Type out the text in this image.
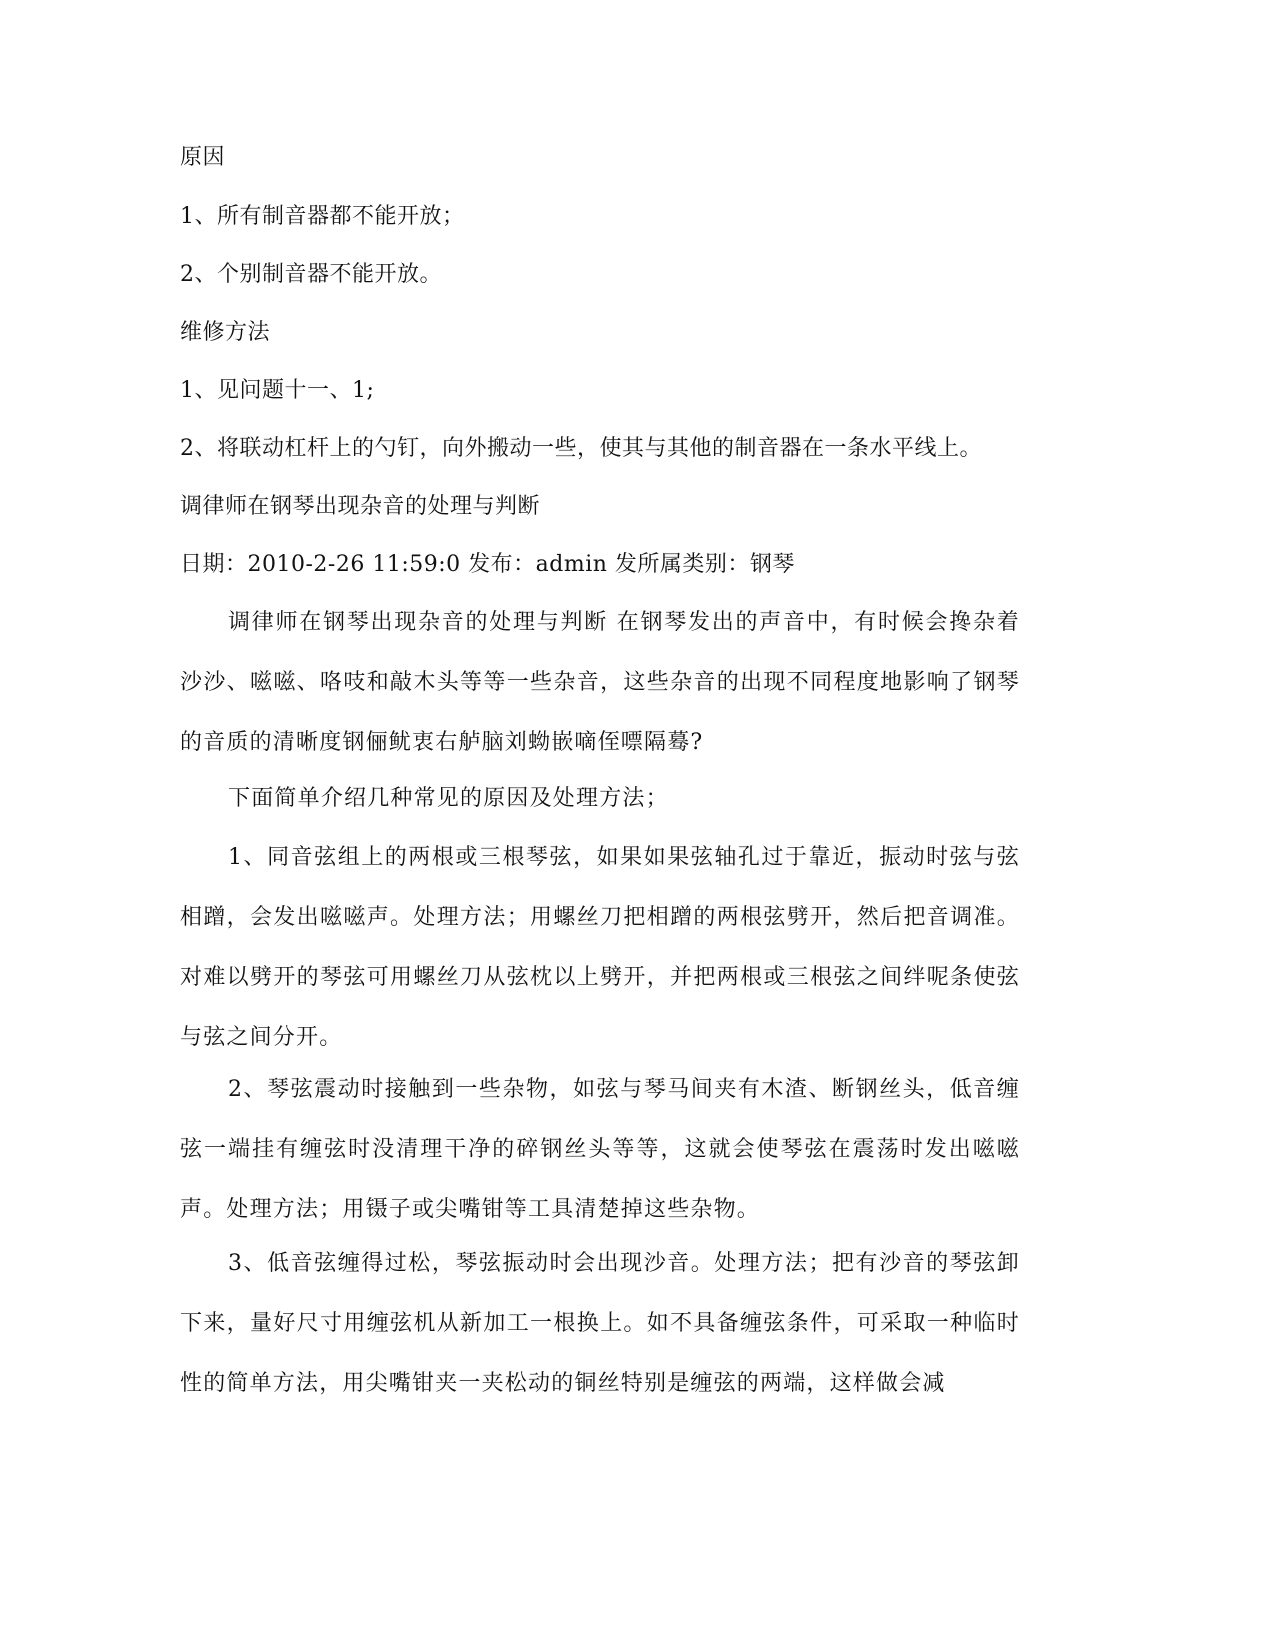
原因
1、所有制音器都不能开放；
2、个别制音器不能开放。
维修方法
1、见问题十一、1;
2、将联动杠杆上的勺钉，向外搬动一些，使其与其他的制音器在一条水平线上。
调律师在钢琴出现杂音的处理与判断
日期：2010-2-26 11:59:0 发布：admin 发所属类别：钢琴
调律师在钢琴出现杂音的处理与判断 在钢琴发出的声音中，有时候会搀杂着沙沙、嗞嗞、咯吱和敲木头等等一些杂音，这些杂音的出现不同程度地影响了钢琴的音质的清晰度钢俪鱿衷右舻脑刘蚴嵌嘀侄嘌隔蓦?
下面简单介绍几种常见的原因及处理方法；
1、同音弦组上的两根或三根琴弦，如果如果弦轴孔过于靠近，振动时弦与弦相蹭，会发出嗞嗞声。处理方法；用螺丝刀把相蹭的两根弦劈开，然后把音调准。对难以劈开的琴弦可用螺丝刀从弦枕以上劈开，并把两根或三根弦之间绊呢条使弦与弦之间分开。
2、琴弦震动时接触到一些杂物，如弦与琴马间夹有木渣、断钢丝头，低音缠弦一端挂有缠弦时没清理干净的碎钢丝头等等，这就会使琴弦在震荡时发出嗞嗞声。处理方法；用镊子或尖嘴钳等工具清楚掉这些杂物。
3、低音弦缠得过松，琴弦振动时会出现沙音。处理方法；把有沙音的琴弦卸下来，量好尺寸用缠弦机从新加工一根换上。如不具备缠弦条件，可采取一种临时性的简单方法，用尖嘴钳夹一夹松动的铜丝特别是缠弦的两端，这样做会减
